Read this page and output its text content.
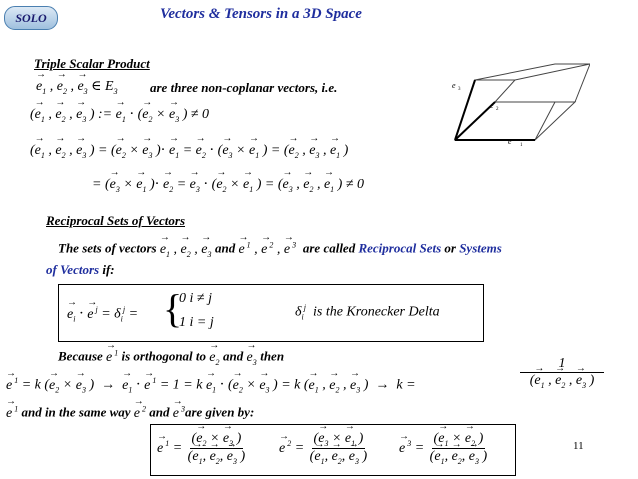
SOLO	Vectors & Tensors in a 3D Space
Triple Scalar Product
→ $e_1$ , → $e_2$ , → $e_3$ ∈ $E_3$ are three non-coplanar vectors, i.e.
(→ $e_1$ , → $e_2$ , → $e_3$ ) := → $e_1$ ⋅ (→ $e_2$ × → $e_3$ ) ≠ 0
(→ $e_1$ , → $e_2$ , → $e_3$ ) = (→ $e_2$ × → $e_3$ )⋅ → $e_1$ = → $e_2$ ⋅ (→ $e_3$ × → $e_1$ ) = (→ $e_2$ , → $e_3$ , → $e_1$ )
= (→ $e_3$ × → $e_1$ )⋅ → $e_2$ = → $e_3$ ⋅ (→ $e_2$ × → $e_1$ ) = (→ $e_3$ , → $e_2$ , → $e_1$ ) ≠ 0
e 3
e 2
e 1
Reciprocal Sets of Vectors
The sets of vectors → $e_1$ , → $e_2$ , → $e_3$ and → e $^1$ , → e $^2$ , → e $^3$ are called Reciprocal Sets or Systems
of Vectors if:
→ $e_i$ ⋅ → e $^j = \delta_i^j$ = {
0 i ≠ j
1 i = j
$\delta_i^j$ is the Kronecker Delta
Because → e $^1$ is orthogonal to → $e_2$ and → $e_3$ then
→ e $^1$ = k (→ $e_2$ × → $e_3$ )  →  → $e_1$ ⋅ → e $^1 = 1 = k \to e_1$ ⋅ (→ $e_2$ × → $e_3$ ) = k (→ $e_1$ , → $e_2$ , → $e_3$ )  →  k =	$\frac{1}{(\to e_1 , \to e_2 , \to e_3 )}$
→ e $^1$ and in the same way → e $^2$ and → e $^3$are given by:
→ e $^1 = \frac{(\to e_2 \times \to e_3 )}{(\to e_1, \to e_2, \to e_3 )}$
→ e $^2 = \frac{(\to e_3 \times \to e_1 )}{(\to e_1, \to e_2, \to e_3 )}$
→ e $^3 = \frac{(\to e_1 \times \to e_2 )}{(\to e_1, \to e_2, \to e_3 )}$	11
